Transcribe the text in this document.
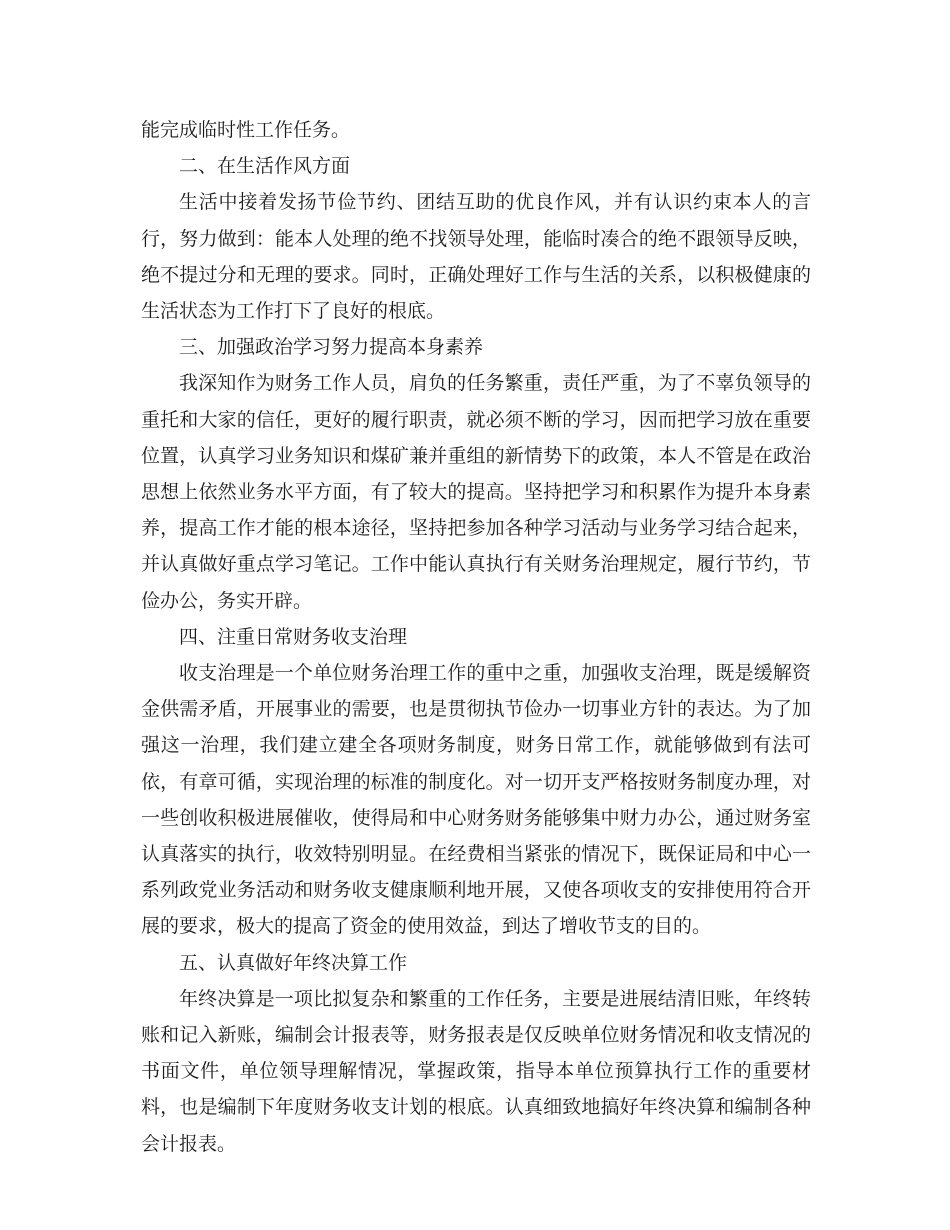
能完成临时性工作任务。

二、在生活作风方面

生活中接着发扬节俭节约、团结互助的优良作风，并有认识约束本人的言行，努力做到：能本人处理的绝不找领导处理，能临时凑合的绝不跟领导反映，绝不提过分和无理的要求。同时，正确处理好工作与生活的关系，以积极健康的生活状态为工作打下了良好的根底。

三、加强政治学习努力提高本身素养

我深知作为财务工作人员，肩负的任务繁重，责任严重，为了不辜负领导的重托和大家的信任，更好的履行职责，就必须不断的学习，因而把学习放在重要位置，认真学习业务知识和煤矿兼并重组的新情势下的政策，本人不管是在政治思想上依然业务水平方面，有了较大的提高。坚持把学习和积累作为提升本身素养，提高工作才能的根本途径，坚持把参加各种学习活动与业务学习结合起来，并认真做好重点学习笔记。工作中能认真执行有关财务治理规定，履行节约，节俭办公，务实开辟。

四、注重日常财务收支治理

收支治理是一个单位财务治理工作的重中之重，加强收支治理，既是缓解资金供需矛盾，开展事业的需要，也是贯彻执节俭办一切事业方针的表达。为了加强这一治理，我们建立建全各项财务制度，财务日常工作，就能够做到有法可依，有章可循，实现治理的标准的制度化。对一切开支严格按财务制度办理，对一些创收积极进展催收，使得局和中心财务财务能够集中财力办公，通过财务室认真落实的执行，收效特别明显。在经费相当紧张的情况下，既保证局和中心一系列政党业务活动和财务收支健康顺利地开展，又使各项收支的安排使用符合开展的要求，极大的提高了资金的使用效益，到达了增收节支的目的。

五、认真做好年终决算工作

年终决算是一项比拟复杂和繁重的工作任务，主要是进展结清旧账，年终转账和记入新账，编制会计报表等，财务报表是仅反映单位财务情况和收支情况的书面文件，单位领导理解情况，掌握政策，指导本单位预算执行工作的重要材料，也是编制下年度财务收支计划的根底。认真细致地搞好年终决算和编制各种会计报表。
